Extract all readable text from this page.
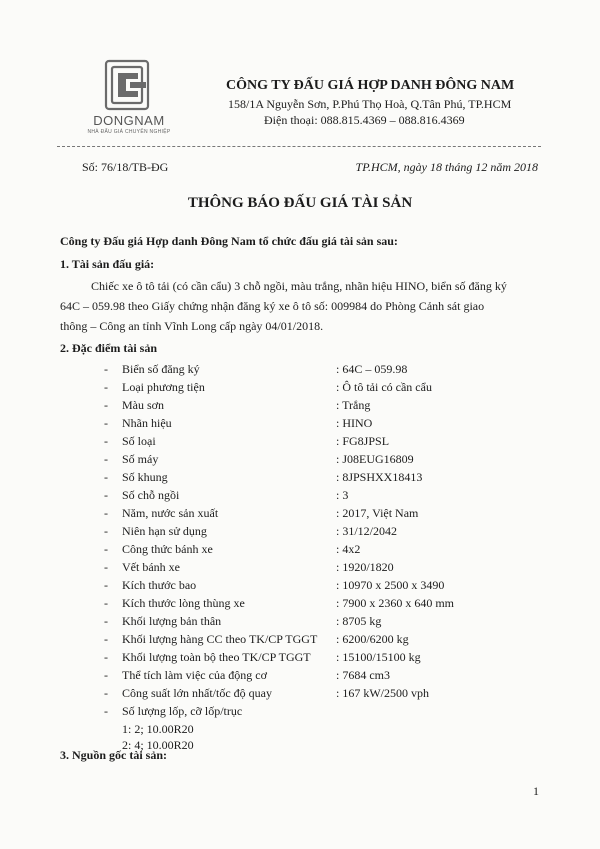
DONGNAM
NHÀ ĐẤU GIÁ CHUYÊN NGHIỆP
CÔNG TY ĐẤU GIÁ HỢP DANH ĐÔNG NAM
158/1A Nguyễn Sơn, P.Phú Thọ Hoà, Q.Tân Phú, TP.HCM
Điện thoại: 088.815.4369 – 088.816.4369
Số: 76/18/TB-ĐG	TP.HCM, ngày 18 tháng 12 năm 2018
THÔNG BÁO ĐẤU GIÁ TÀI SẢN
Công ty Đấu giá Hợp danh Đông Nam tổ chức đấu giá tài sản sau:
1. Tài sản đấu giá:
Chiếc xe ô tô tải (có cần cẩu) 3 chỗ ngồi, màu trắng, nhãn hiệu HINO, biển số đăng ký
64C – 059.98 theo Giấy chứng nhận đăng ký xe ô tô số: 009984 do Phòng Cảnh sát giao
thông – Công an tỉnh Vĩnh Long cấp ngày 04/01/2018.
2. Đặc điểm tài sản
- Biển số đăng ký	: 64C – 059.98
- Loại phương tiện	: Ô tô tải có cần cẩu
- Màu sơn	: Trắng
- Nhãn hiệu	: HINO
- Số loại	: FG8JPSL
- Số máy	: J08EUG16809
- Số khung	: 8JPSHXX18413
- Số chỗ ngồi	: 3
- Năm, nước sản xuất	: 2017, Việt Nam
- Niên hạn sử dụng	: 31/12/2042
- Công thức bánh xe	: 4x2
- Vết bánh xe	: 1920/1820
- Kích thước bao	: 10970 x 2500 x 3490
- Kích thước lòng thùng xe	: 7900 x 2360 x 640 mm
- Khối lượng bản thân	: 8705 kg
- Khối lượng hàng CC theo TK/CP TGGT : 6200/6200 kg
- Khối lượng toàn bộ theo TK/CP TGGT : 15100/15100 kg
- Thể tích làm việc của động cơ	: 7684 cm3
- Công suất lớn nhất/tốc độ quay	: 167 kW/2500 vph
- Số lượng lốp, cỡ lốp/trục
1: 2; 10.00R20
2: 4; 10.00R20
3. Nguồn gốc tài sản:
1
